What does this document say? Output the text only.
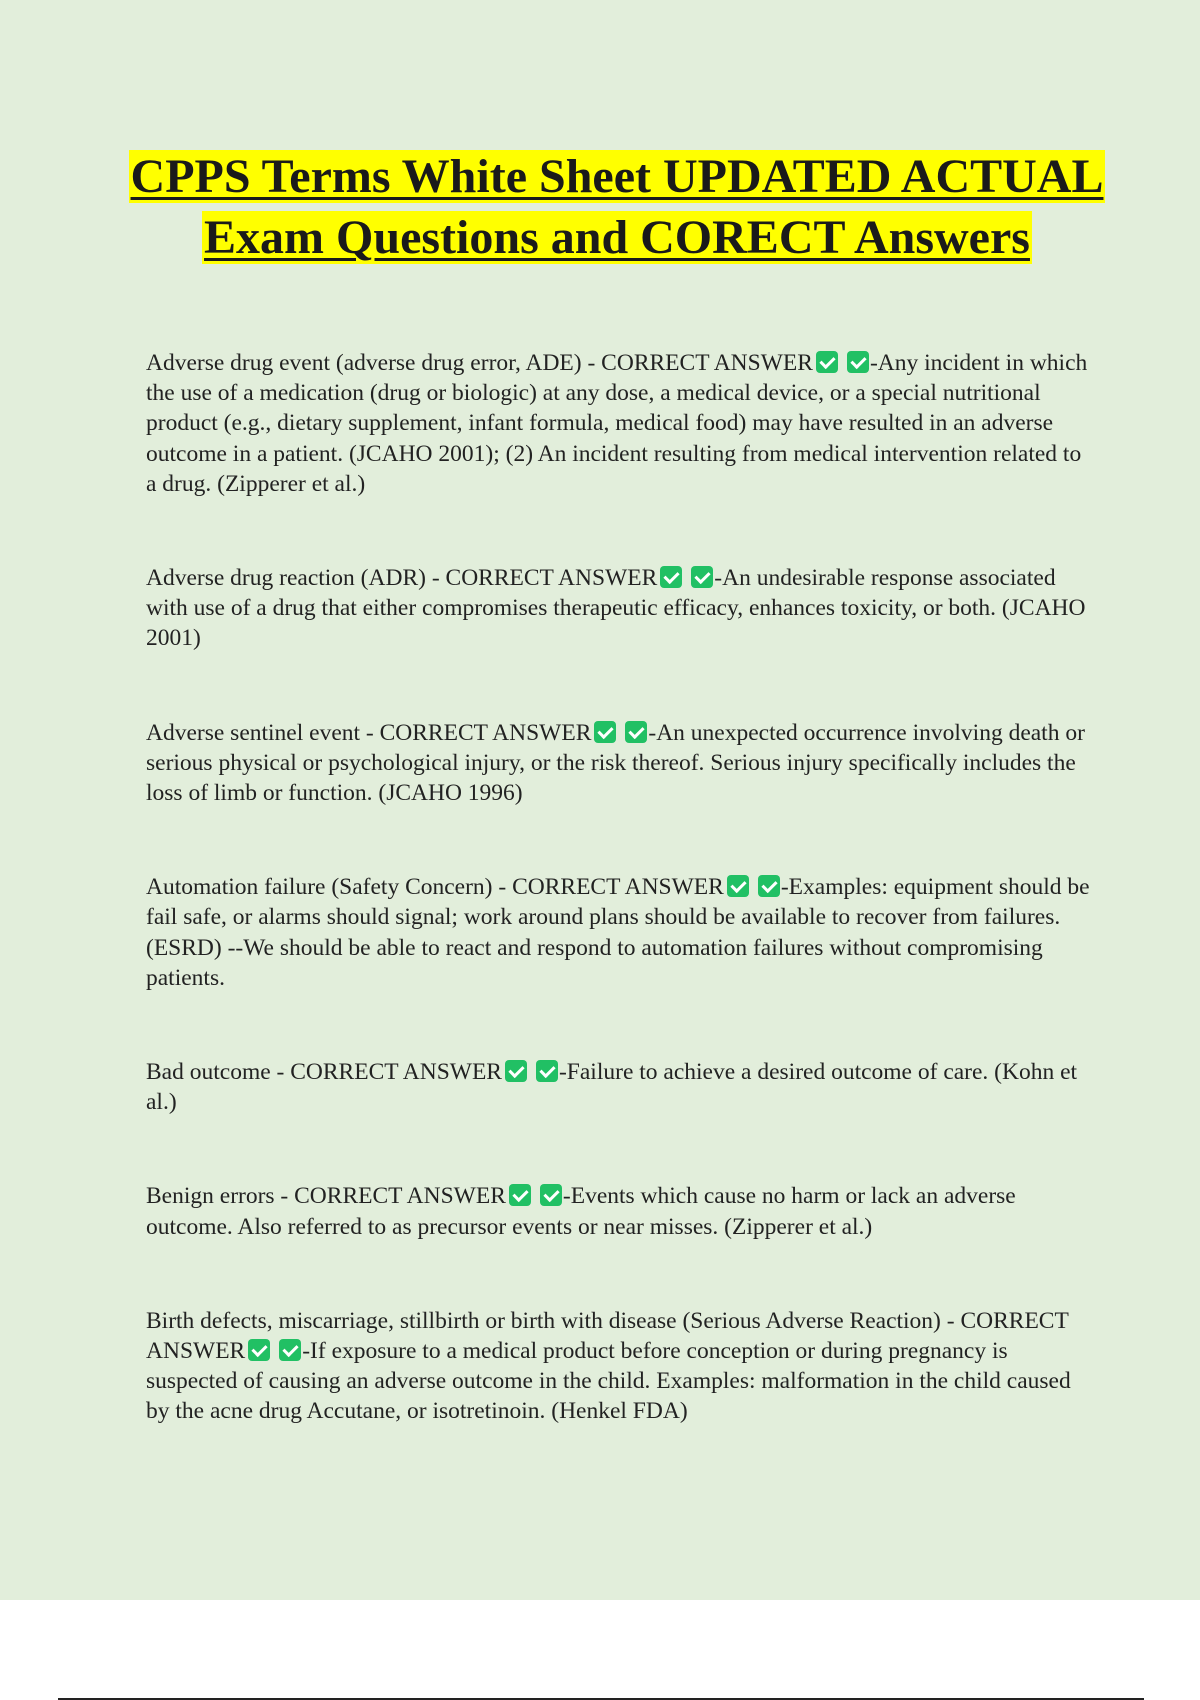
CPPS Terms White Sheet UPDATED ACTUAL Exam Questions and CORECT Answers

Adverse drug event (adverse drug error, ADE) - CORRECT ANSWER -Any incident in which the use of a medication (drug or biologic) at any dose, a medical device, or a special nutritional product (e.g., dietary supplement, infant formula, medical food) may have resulted in an adverse outcome in a patient. (JCAHO 2001); (2) An incident resulting from medical intervention related to a drug. (Zipperer et al.)

Adverse drug reaction (ADR) - CORRECT ANSWER -An undesirable response associated with use of a drug that either compromises therapeutic efficacy, enhances toxicity, or both. (JCAHO 2001)

Adverse sentinel event - CORRECT ANSWER -An unexpected occurrence involving death or serious physical or psychological injury, or the risk thereof. Serious injury specifically includes the loss of limb or function. (JCAHO 1996)

Automation failure (Safety Concern) - CORRECT ANSWER -Examples: equipment should be fail safe, or alarms should signal; work around plans should be available to recover from failures. (ESRD) --We should be able to react and respond to automation failures without compromising patients.

Bad outcome - CORRECT ANSWER -Failure to achieve a desired outcome of care. (Kohn et al.)

Benign errors - CORRECT ANSWER -Events which cause no harm or lack an adverse outcome. Also referred to as precursor events or near misses. (Zipperer et al.)

Birth defects, miscarriage, stillbirth or birth with disease (Serious Adverse Reaction) - CORRECT ANSWER -If exposure to a medical product before conception or during pregnancy is suspected of causing an adverse outcome in the child. Examples: malformation in the child caused by the acne drug Accutane, or isotretinoin. (Henkel FDA)
